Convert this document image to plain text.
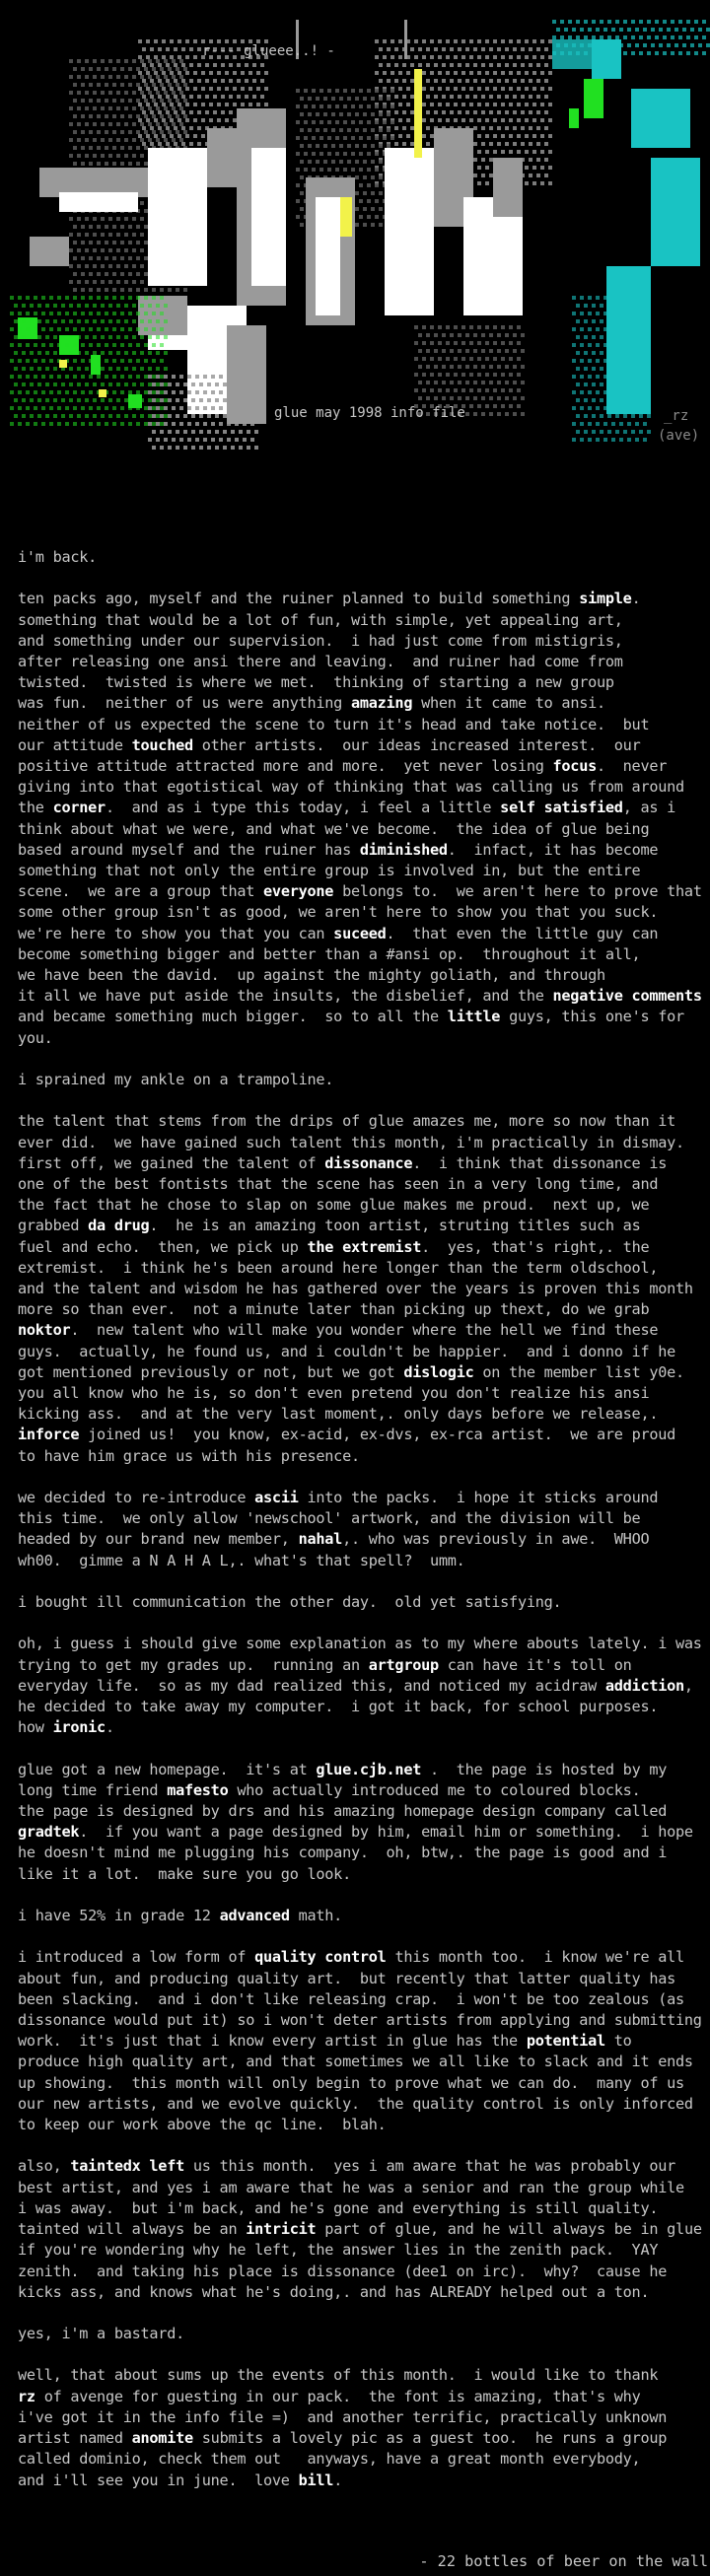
r--- glueee..! -
glue may 1998 info file	_rz
(ave)

i'm back.

ten packs ago, myself and the ruiner planned to build something simple.
something that would be a lot of fun, with simple, yet appealing art,
and something under our supervision.  i had just come from mistigris,
after releasing one ansi there and leaving.  and ruiner had come from
twisted.  twisted is where we met.  thinking of starting a new group
was fun.  neither of us were anything amazing when it came to ansi.
neither of us expected the scene to turn it's head and take notice.  but
our attitude touched other artists.  our ideas increased interest.  our
positive attitude attracted more and more.  yet never losing focus.  never
giving into that egotistical way of thinking that was calling us from around
the corner.  and as i type this today, i feel a little self satisfied, as i
think about what we were, and what we've become.  the idea of glue being
based around myself and the ruiner has diminished.  infact, it has become
something that not only the entire group is involved in, but the entire
scene.  we are a group that everyone belongs to.  we aren't here to prove that
some other group isn't as good, we aren't here to show you that you suck.
we're here to show you that you can suceed.  that even the little guy can
become something bigger and better than a #ansi op.  throughout it all,
we have been the david.  up against the mighty goliath, and through
it all we have put aside the insults, the disbelief, and the negative comments
and became something much bigger.  so to all the little guys, this one's for
you.

i sprained my ankle on a trampoline.

the talent that stems from the drips of glue amazes me, more so now than it
ever did.  we have gained such talent this month, i'm practically in dismay.
first off, we gained the talent of dissonance.  i think that dissonance is
one of the best fontists that the scene has seen in a very long time, and
the fact that he chose to slap on some glue makes me proud.  next up, we
grabbed da drug.  he is an amazing toon artist, struting titles such as
fuel and echo.  then, we pick up the extremist.  yes, that's right,. the
extremist.  i think he's been around here longer than the term oldschool,
and the talent and wisdom he has gathered over the years is proven this month
more so than ever.  not a minute later than picking up thext, do we grab
noktor.  new talent who will make you wonder where the hell we find these
guys.  actually, he found us, and i couldn't be happier.  and i donno if he
got mentioned previously or not, but we got dislogic on the member list y0e.
you all know who he is, so don't even pretend you don't realize his ansi
kicking ass.  and at the very last moment,. only days before we release,.
inforce joined us!  you know, ex-acid, ex-dvs, ex-rca artist.  we are proud
to have him grace us with his presence.

we decided to re-introduce ascii into the packs.  i hope it sticks around
this time.  we only allow 'newschool' artwork, and the division will be
headed by our brand new member, nahal,. who was previously in awe.  WHOO
wh00.  gimme a N A H A L,. what's that spell?  umm.

i bought ill communication the other day.  old yet satisfying.

oh, i guess i should give some explanation as to my where abouts lately. i was
trying to get my grades up.  running an artgroup can have it's toll on
everyday life.  so as my dad realized this, and noticed my acidraw addiction,
he decided to take away my computer.  i got it back, for school purposes.
how ironic.

glue got a new homepage.  it's at glue.cjb.net .  the page is hosted by my
long time friend mafesto who actually introduced me to coloured blocks.
the page is designed by drs and his amazing homepage design company called
gradtek.  if you want a page designed by him, email him or something.  i hope
he doesn't mind me plugging his company.  oh, btw,. the page is good and i
like it a lot.  make sure you go look.

i have 52% in grade 12 advanced math.

i introduced a low form of quality control this month too.  i know we're all
about fun, and producing quality art.  but recently that latter quality has
been slacking.  and i don't like releasing crap.  i won't be too zealous (as
dissonance would put it) so i won't deter artists from applying and submitting
work.  it's just that i know every artist in glue has the potential to
produce high quality art, and that sometimes we all like to slack and it ends
up showing.  this month will only begin to prove what we can do.  many of us
our new artists, and we evolve quickly.  the quality control is only inforced
to keep our work above the qc line.  blah.

also, taintedx left us this month.  yes i am aware that he was probably our
best artist, and yes i am aware that he was a senior and ran the group while
i was away.  but i'm back, and he's gone and everything is still quality.
tainted will always be an intricit part of glue, and he will always be in glue
if you're wondering why he left, the answer lies in the zenith pack.  YAY
zenith.  and taking his place is dissonance (dee1 on irc).  why?  cause he
kicks ass, and knows what he's doing,. and has ALREADY helped out a ton.

yes, i'm a bastard.

well, that about sums up the events of this month.  i would like to thank
rz of avenge for guesting in our pack.  the font is amazing, that's why
i've got it in the info file =)  and another terrific, practically unknown
artist named anomite submits a lovely pic as a guest too.  he runs a group
called dominio, check them out   anyways, have a great month everybody,
and i'll see you in june.  love bill.

- 22 bottles of beer on the wall
